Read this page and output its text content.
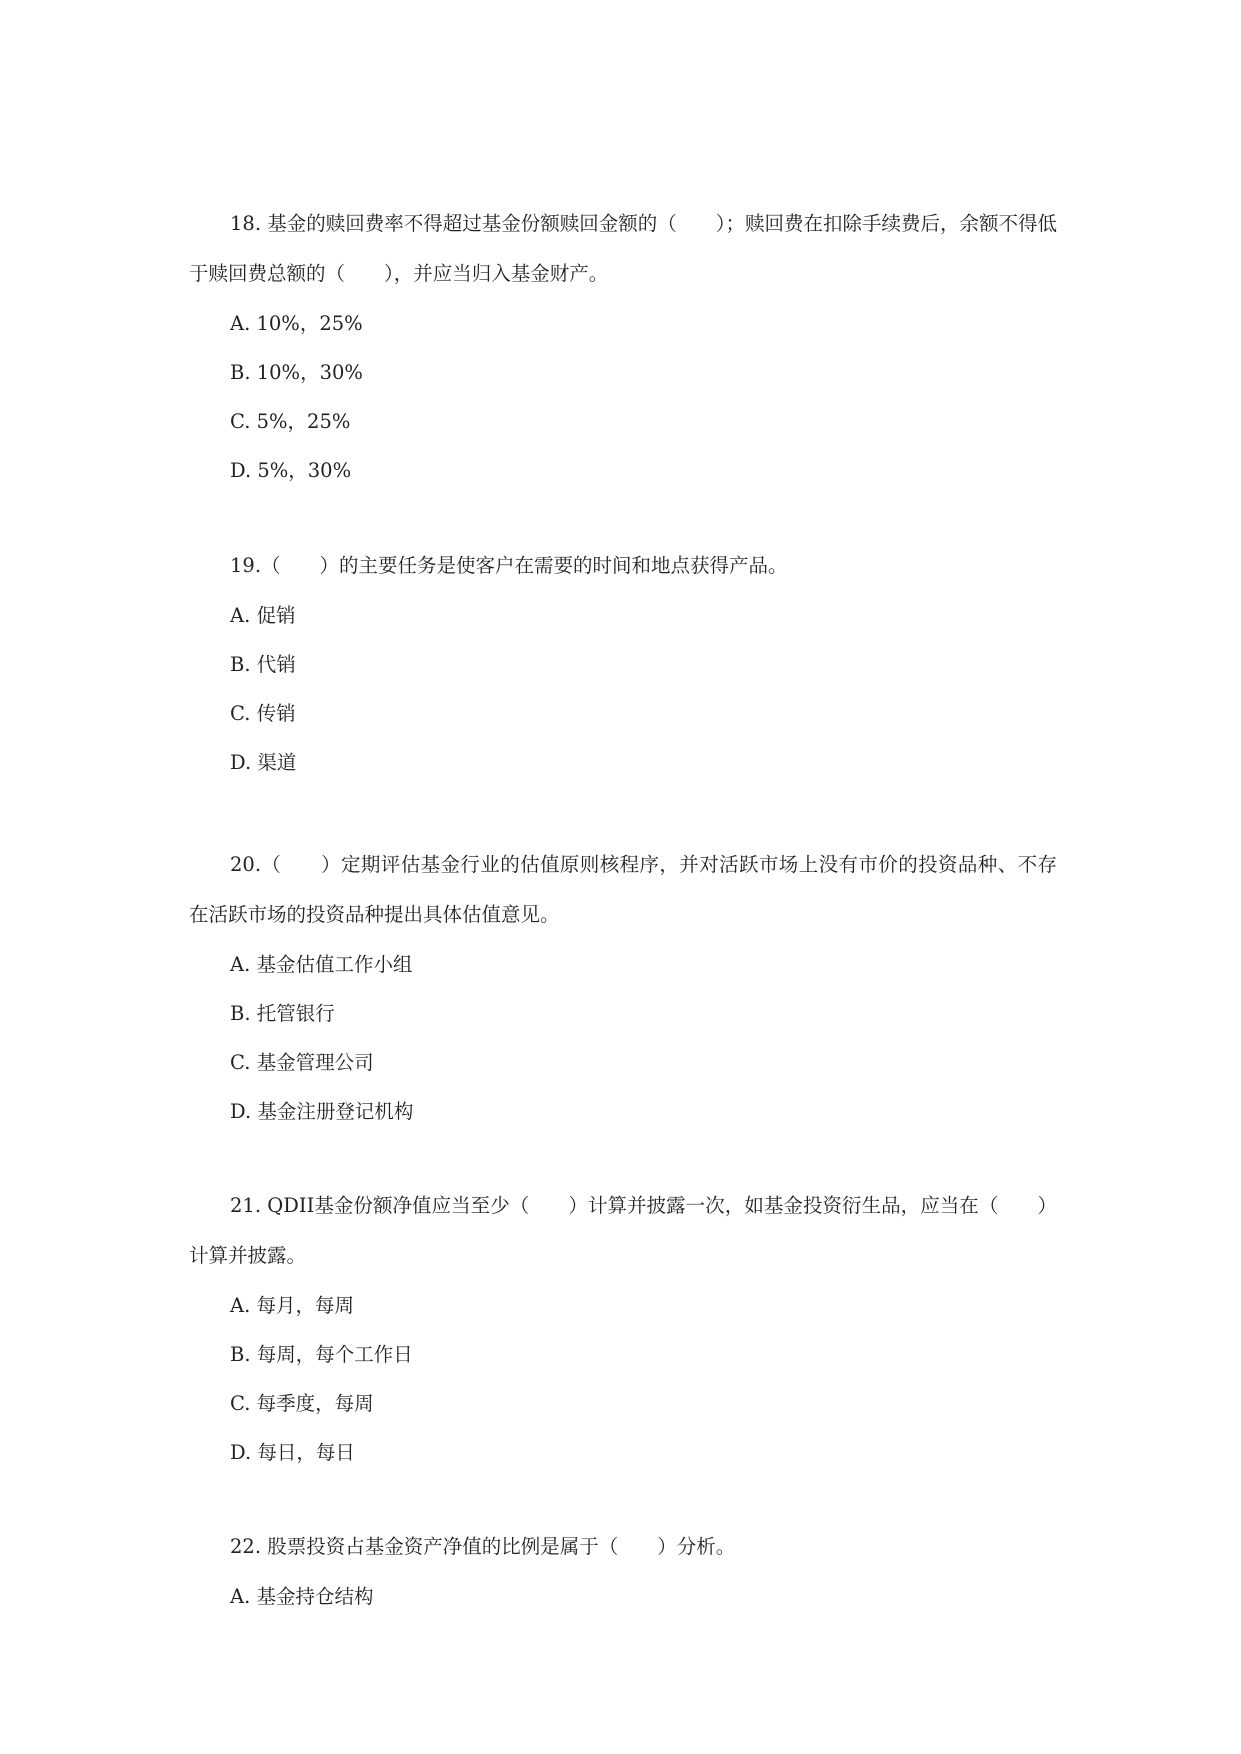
18. 基金的赎回费率不得超过基金份额赎回金额的（　　）；赎回费在扣除手续费后，余额不得低于赎回费总额的（　　），并应当归入基金财产。

A. 10%，25%
B. 10%，30%
C. 5%，25%
D. 5%，30%

19.（　　）的主要任务是使客户在需要的时间和地点获得产品。

A. 促销
B. 代销
C. 传销
D. 渠道

20.（　　）定期评估基金行业的估值原则核程序，并对活跃市场上没有市价的投资品种、不存在活跃市场的投资品种提出具体估值意见。

A. 基金估值工作小组
B. 托管银行
C. 基金管理公司
D. 基金注册登记机构

21. QDII基金份额净值应当至少（　　）计算并披露一次，如基金投资衍生品，应当在（　　）计算并披露。

A. 每月，每周
B. 每周，每个工作日
C. 每季度，每周
D. 每日，每日

22. 股票投资占基金资产净值的比例是属于（　　）分析。

A. 基金持仓结构
